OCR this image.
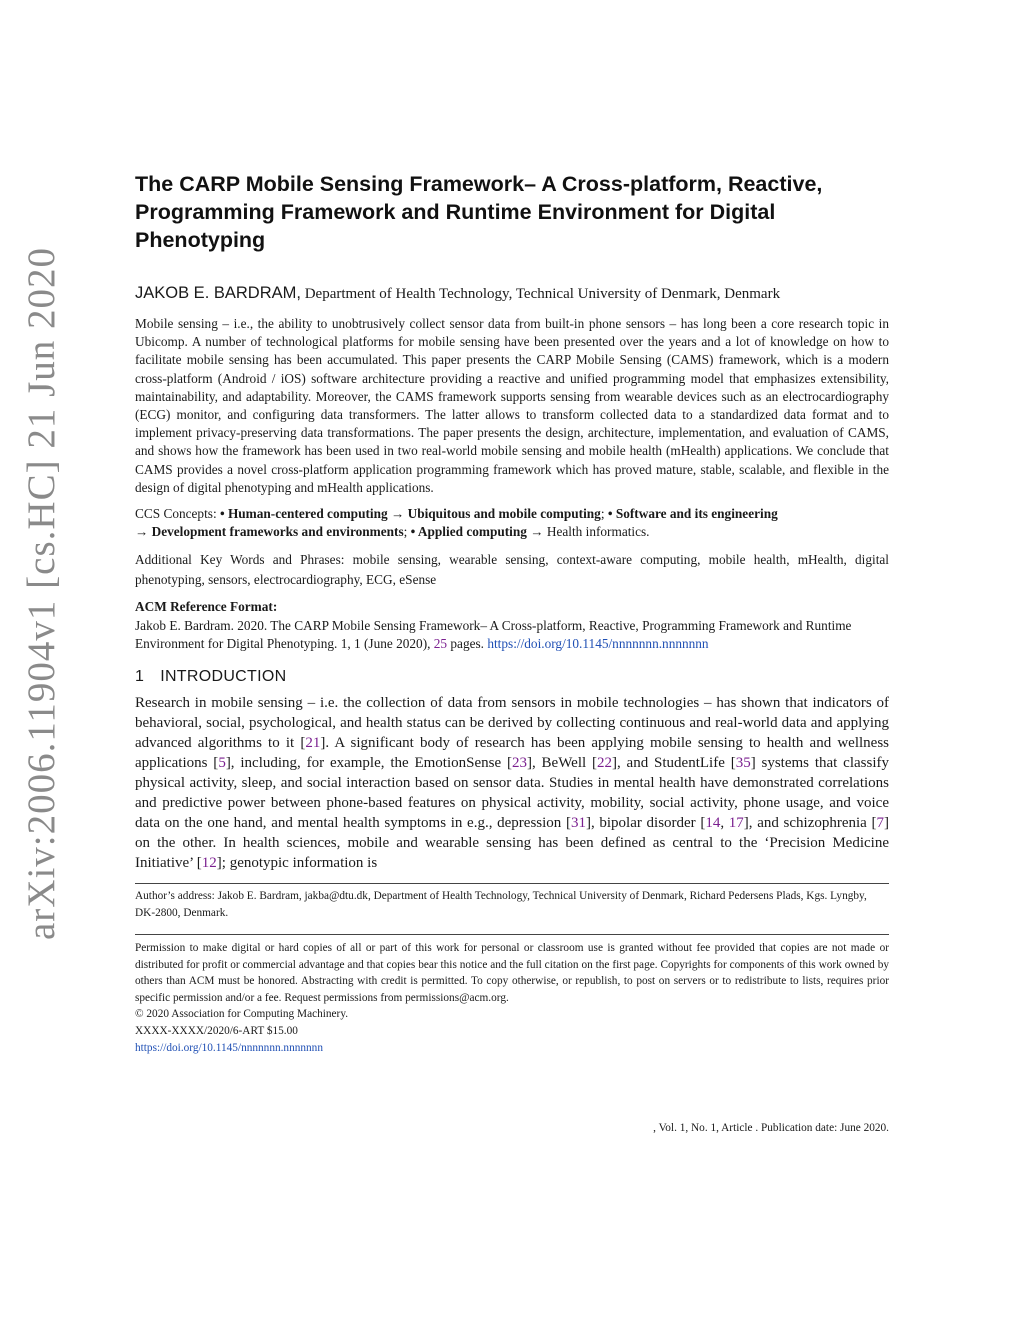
arXiv:2006.11904v1 [cs.HC] 21 Jun 2020
The CARP Mobile Sensing Framework– A Cross-platform, Reactive, Programming Framework and Runtime Environment for Digital Phenotyping
JAKOB E. BARDRAM, Department of Health Technology, Technical University of Denmark, Denmark

Mobile sensing – i.e., the ability to unobtrusively collect sensor data from built-in phone sensors – has long been a core research topic in Ubicomp. A number of technological platforms for mobile sensing have been presented over the years and a lot of knowledge on how to facilitate mobile sensing has been accumulated. This paper presents the CARP Mobile Sensing (CAMS) framework, which is a modern cross-platform (Android / iOS) software architecture providing a reactive and unified programming model that emphasizes extensibility, maintainability, and adaptability. Moreover, the CAMS framework supports sensing from wearable devices such as an electrocardiography (ECG) monitor, and configuring data transformers. The latter allows to transform collected data to a standardized data format and to implement privacy-preserving data transformations. The paper presents the design, architecture, implementation, and evaluation of CAMS, and shows how the framework has been used in two real-world mobile sensing and mobile health (mHealth) applications. We conclude that CAMS provides a novel cross-platform application programming framework which has proved mature, stable, scalable, and flexible in the design of digital phenotyping and mHealth applications.

CCS Concepts: • Human-centered computing → Ubiquitous and mobile computing; • Software and its engineering
→ Development frameworks and environments; • Applied computing → Health informatics.
Additional Key Words and Phrases: mobile sensing, wearable sensing, context-aware computing, mobile health, mHealth, digital phenotyping, sensors, electrocardiography, ECG, eSense
ACM Reference Format:
Jakob E. Bardram. 2020. The CARP Mobile Sensing Framework– A Cross-platform, Reactive, Programming Framework and Runtime Environment for Digital Phenotyping. 1, 1 (June 2020), 25 pages. https://doi.org/10.1145/nnnnnnn.nnnnnnn
1 INTRODUCTION
Research in mobile sensing – i.e. the collection of data from sensors in mobile technologies – has shown that indicators of behavioral, social, psychological, and health status can be derived by collecting continuous and real-world data and applying advanced algorithms to it [21]. A significant body of research has been applying mobile sensing to health and wellness applications [5], including, for example, the EmotionSense [23], BeWell [22], and StudentLife [35] systems that classify physical activity, sleep, and social interaction based on sensor data. Studies in mental health have demonstrated correlations and predictive power between phone-based features on physical activity, mobility, social activity, phone usage, and voice data on the one hand, and mental health symptoms in e.g., depression [31], bipolar disorder [14, 17], and schizophrenia [7] on the other. In health sciences, mobile and wearable sensing has been defined as central to the ‘Precision Medicine Initiative’ [12]; genotypic information is
Author’s address: Jakob E. Bardram, jakba@dtu.dk, Department of Health Technology, Technical University of Denmark, Richard Pedersens Plads, Kgs. Lyngby, DK-2800, Denmark.
Permission to make digital or hard copies of all or part of this work for personal or classroom use is granted without fee provided that copies are not made or distributed for profit or commercial advantage and that copies bear this notice and the full citation on the first page. Copyrights for components of this work owned by others than ACM must be honored. Abstracting with credit is permitted. To copy otherwise, or republish, to post on servers or to redistribute to lists, requires prior specific permission and/or a fee. Request permissions from permissions@acm.org.
© 2020 Association for Computing Machinery.
XXXX-XXXX/2020/6-ART $15.00
https://doi.org/10.1145/nnnnnnn.nnnnnnn
, Vol. 1, No. 1, Article . Publication date: June 2020.
